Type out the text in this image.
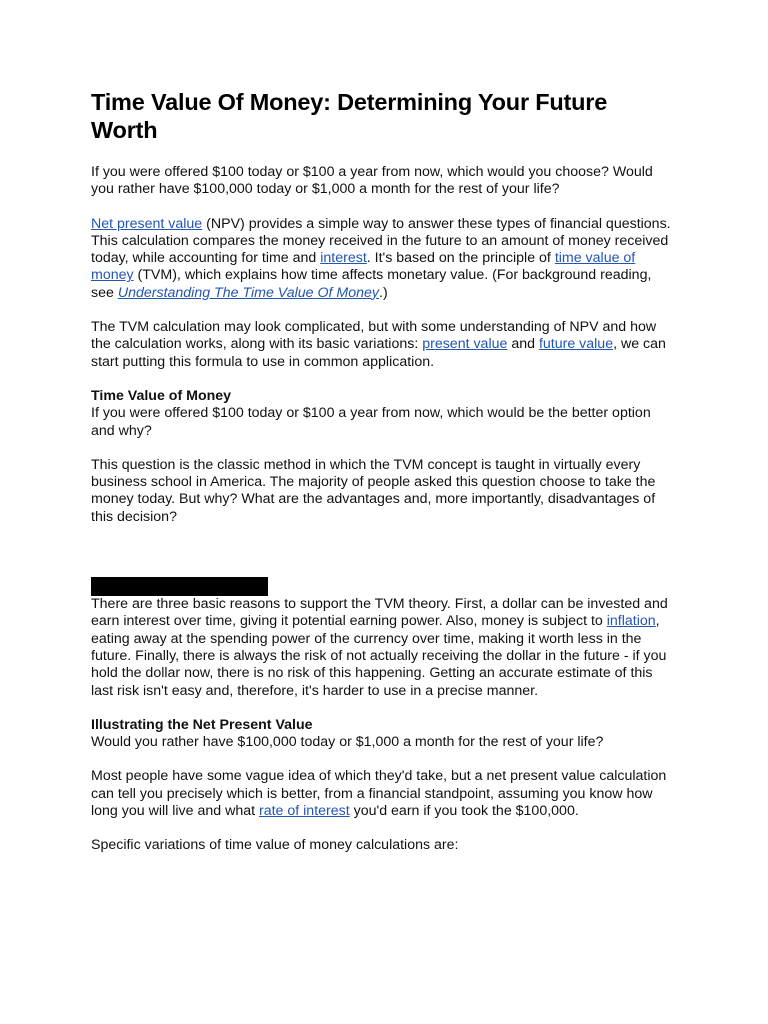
Time Value Of Money: Determining Your Future Worth

If you were offered $100 today or $100 a year from now, which would you choose? Would you rather have $100,000 today or $1,000 a month for the rest of your life?

Net present value (NPV) provides a simple way to answer these types of financial questions. This calculation compares the money received in the future to an amount of money received today, while accounting for time and interest. It's based on the principle of time value of money (TVM), which explains how time affects monetary value. (For background reading, see Understanding The Time Value Of Money.)

The TVM calculation may look complicated, but with some understanding of NPV and how the calculation works, along with its basic variations: present value and future value, we can start putting this formula to use in common application.

Time Value of Money
If you were offered $100 today or $100 a year from now, which would be the better option and why?

This question is the classic method in which the TVM concept is taught in virtually every business school in America. The majority of people asked this question choose to take the money today. But why? What are the advantages and, more importantly, disadvantages of this decision?

There are three basic reasons to support the TVM theory. First, a dollar can be invested and earn interest over time, giving it potential earning power. Also, money is subject to inflation, eating away at the spending power of the currency over time, making it worth less in the future. Finally, there is always the risk of not actually receiving the dollar in the future - if you hold the dollar now, there is no risk of this happening. Getting an accurate estimate of this last risk isn't easy and, therefore, it's harder to use in a precise manner.

Illustrating the Net Present Value
Would you rather have $100,000 today or $1,000 a month for the rest of your life?

Most people have some vague idea of which they'd take, but a net present value calculation can tell you precisely which is better, from a financial standpoint, assuming you know how long you will live and what rate of interest you'd earn if you took the $100,000.

Specific variations of time value of money calculations are:
